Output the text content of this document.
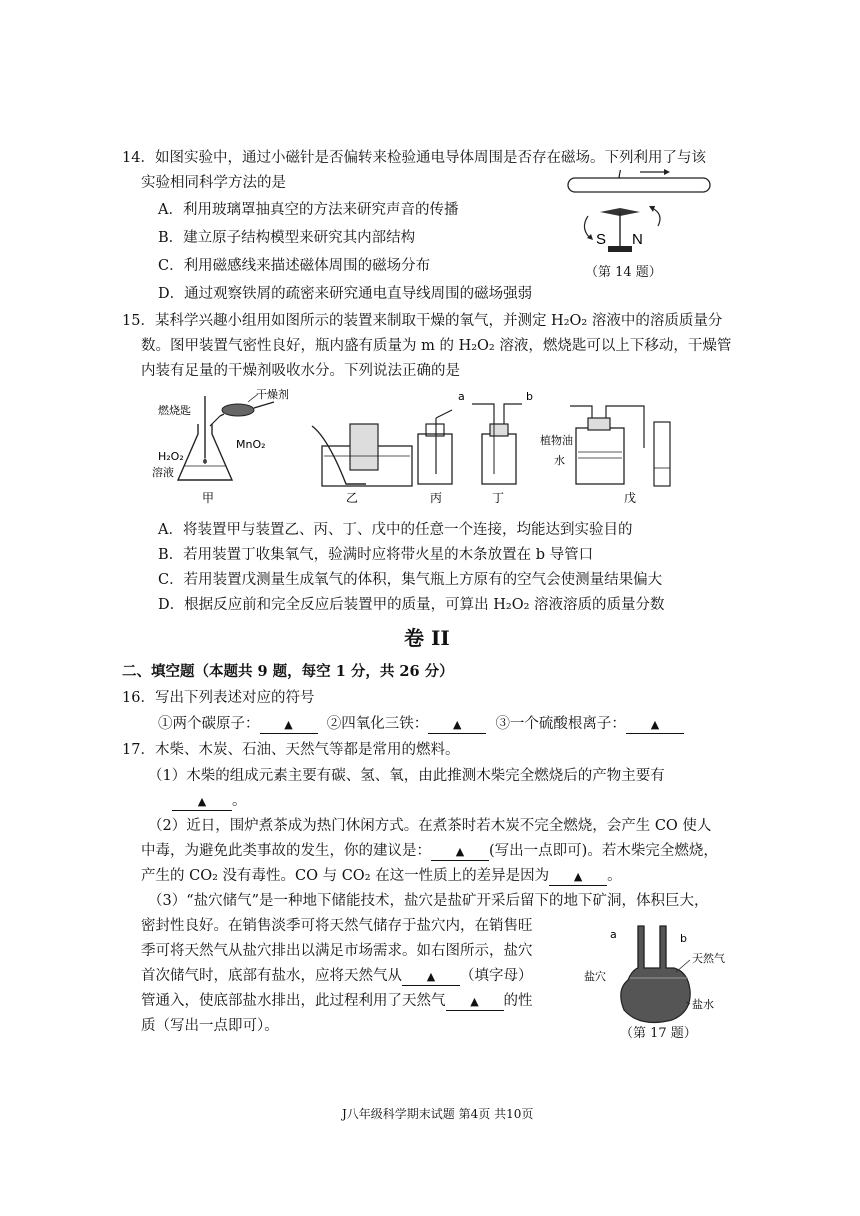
14．如图实验中，通过小磁针是否偏转来检验通电导体周围是否存在磁场。下列利用了与该
实验相同科学方法的是
A．利用玻璃罩抽真空的方法来研究声音的传播
B．建立原子结构模型来研究其内部结构
C．利用磁感线来描述磁体周围的磁场分布
D．通过观察铁屑的疏密来研究通电直导线周围的磁场强弱
I
S N
（第 14 题）
15．某科学兴趣小组用如图所示的装置来制取干燥的氧气，并测定 H₂O₂ 溶液中的溶质质量分
数。图甲装置气密性良好，瓶内盛有质量为 m 的 H₂O₂ 溶液，燃烧匙可以上下移动，干燥管
内装有足量的干燥剂吸收水分。下列说法正确的是
干燥剂
燃烧匙
H₂O₂
溶液
MnO₂
a	b
植物油
水
甲	乙	丙	丁	戊
A．将装置甲与装置乙、丙、丁、戊中的任意一个连接，均能达到实验目的
B．若用装置丁收集氧气，验满时应将带火星的木条放置在 b 导管口
C．若用装置戊测量生成氧气的体积，集气瓶上方原有的空气会使测量结果偏大
D．根据反应前和完全反应后装置甲的质量，可算出 H₂O₂ 溶液溶质的质量分数
卷 II
二、填空题（本题共 9 题，每空 1 分，共 26 分）
16．写出下列表述对应的符号
①两个碳原子： ▲ ②四氧化三铁： ▲ ③一个硫酸根离子： ▲
17．木柴、木炭、石油、天然气等都是常用的燃料。
（1）木柴的组成元素主要有碳、氢、氧，由此推测木柴完全燃烧后的产物主要有
▲ 。
（2）近日，围炉煮茶成为热门休闲方式。在煮茶时若木炭不完全燃烧，会产生 CO 使人
中毒，为避免此类事故的发生，你的建议是： ▲ (写出一点即可)。若木柴完全燃烧，
产生的 CO₂ 没有毒性。CO 与 CO₂ 在这一性质上的差异是因为 ▲ 。
（3）“盐穴储气”是一种地下储能技术，盐穴是盐矿开采后留下的地下矿洞，体积巨大，
密封性良好。在销售淡季可将天然气储存于盐穴内，在销售旺
季可将天然气从盐穴排出以满足市场需求。如右图所示，盐穴
首次储气时，底部有盐水，应将天然气从 ▲ （填字母）
管通入，使底部盐水排出，此过程利用了天然气 ▲ 的性
质（写出一点即可）。
a	b
天然气
盐穴
盐水
（第 17 题）
J八年级科学期末试题 第4页 共10页
